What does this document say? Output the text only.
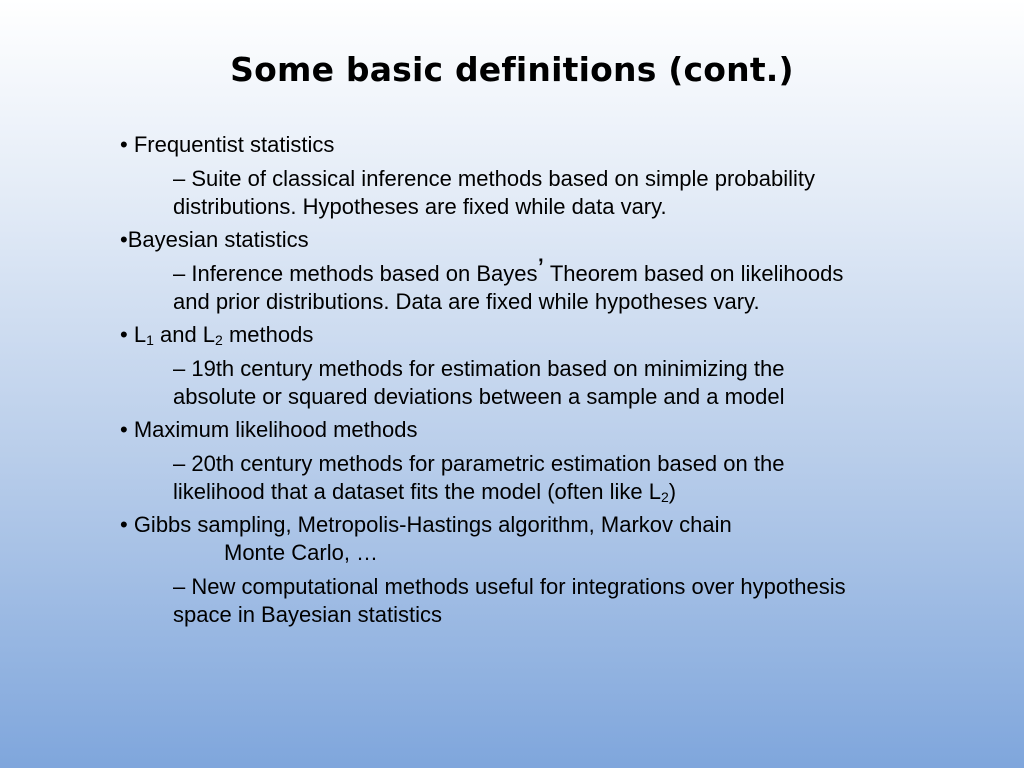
Some basic definitions (cont.)

• Frequentist statistics

– Suite of classical inference methods based on simple probability distributions. Hypotheses are fixed while data vary.

•Bayesian statistics

– Inference methods based on Bayes’ Theorem based on likelihoods and prior distributions. Data are fixed while hypotheses vary.

• $L_1$ and $L_2$ methods

– 19th century methods for estimation based on minimizing the absolute or squared deviations between a sample and a model

• Maximum likelihood methods

– 20th century methods for parametric estimation based on the likelihood that a dataset fits the model (often like $L_2$)

• Gibbs sampling, Metropolis-Hastings algorithm, Markov chain

Monte Carlo, …

– New computational methods useful for integrations over hypothesis space in Bayesian statistics
